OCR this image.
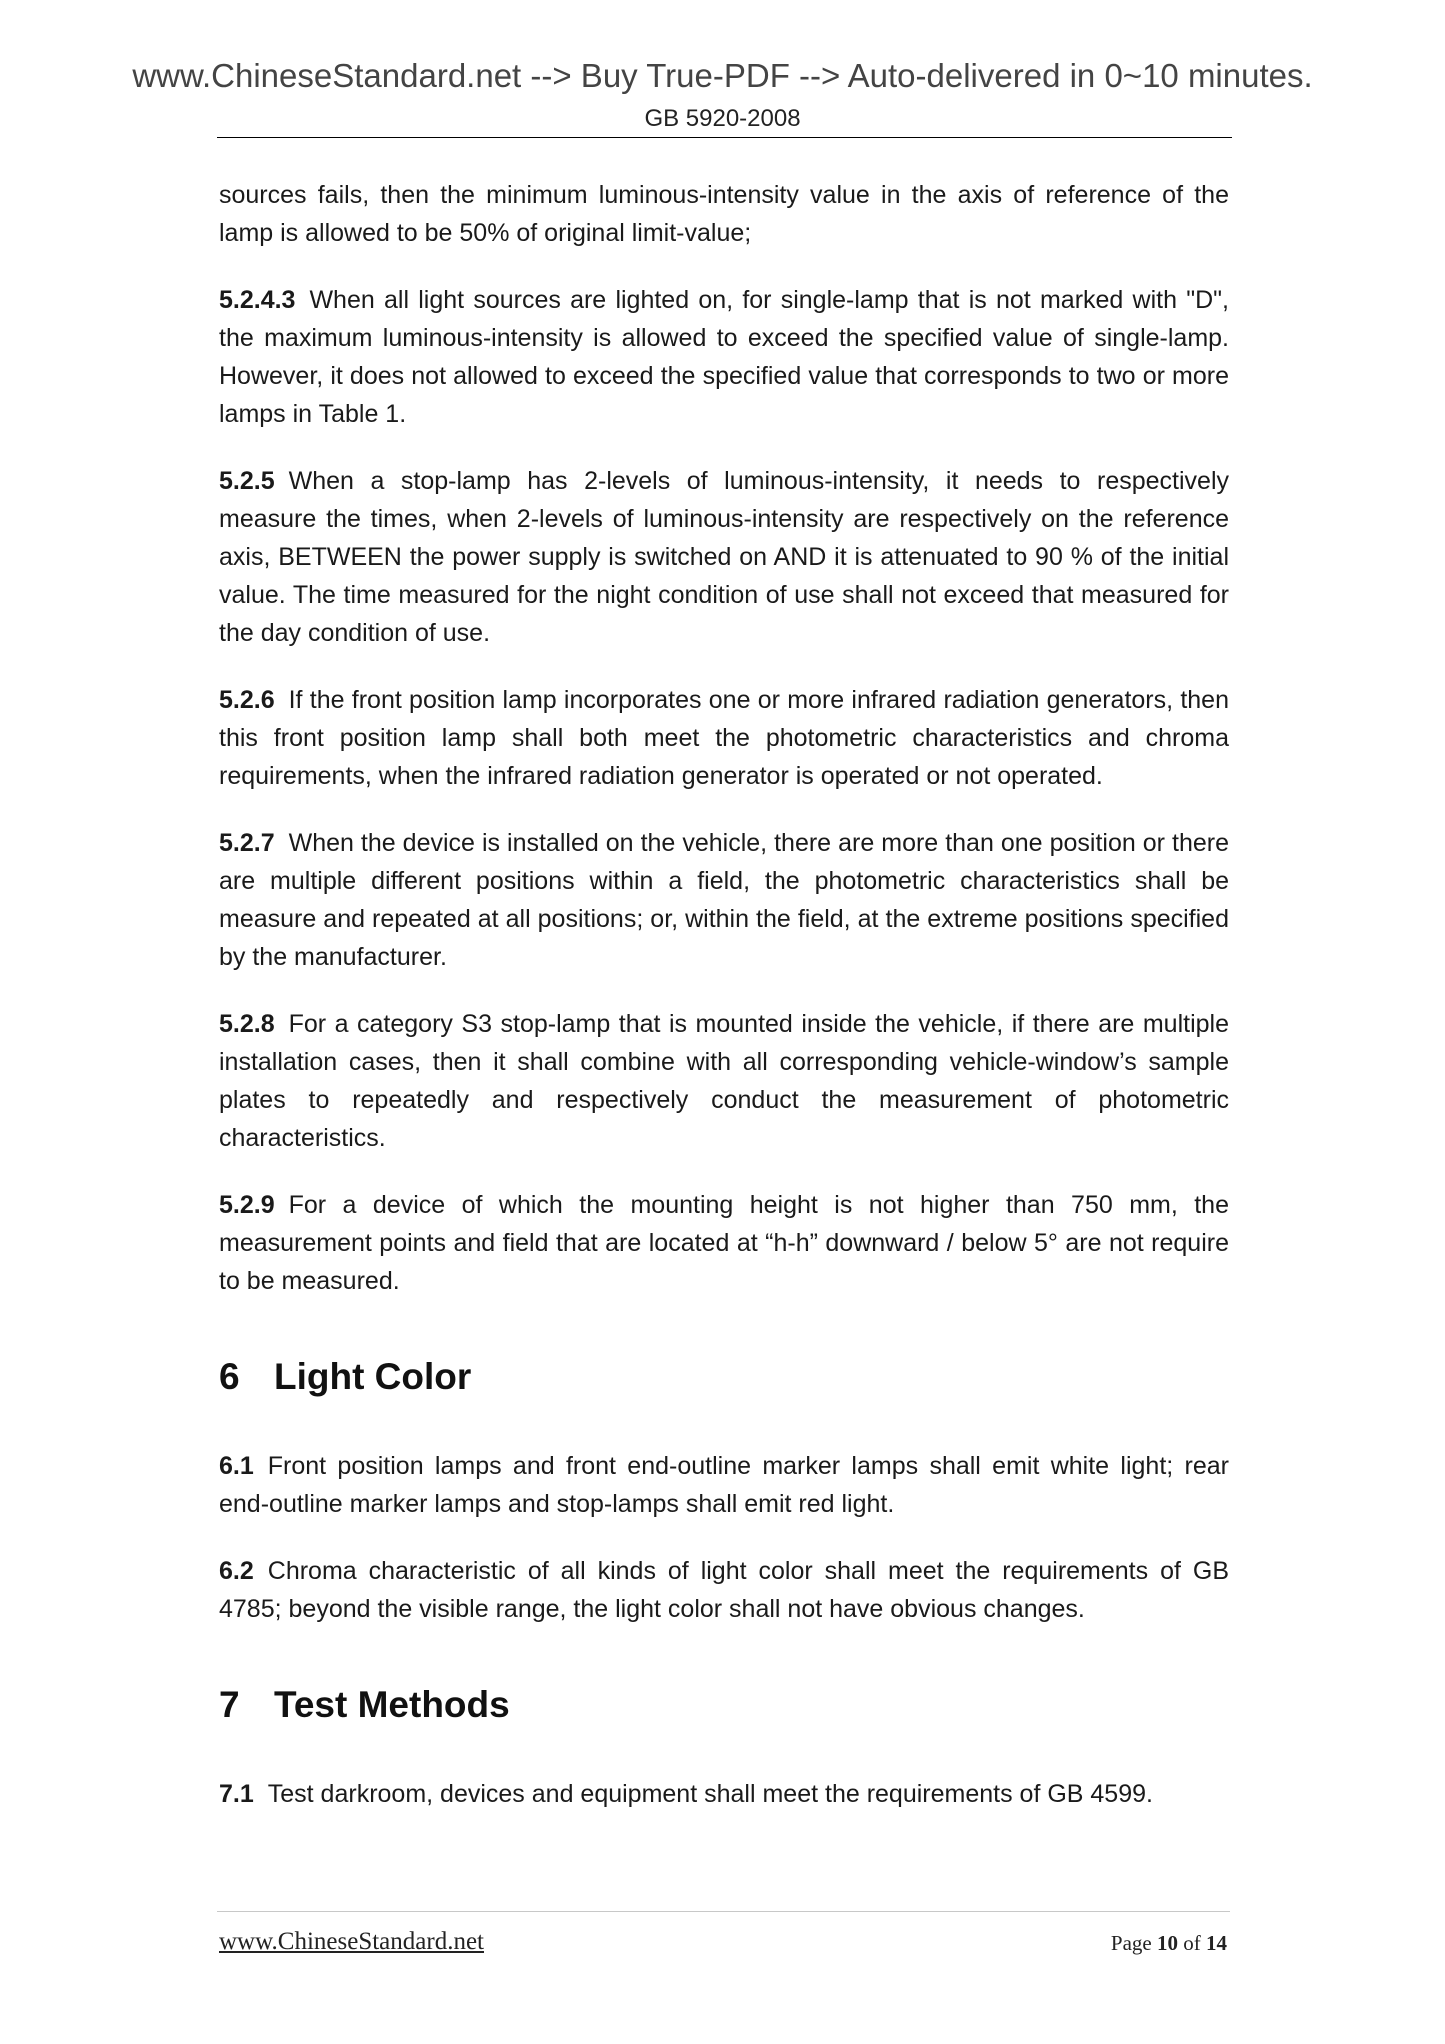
www.ChineseStandard.net --> Buy True-PDF --> Auto-delivered in 0~10 minutes.
GB 5920-2008

sources fails, then the minimum luminous-intensity value in the axis of reference of the lamp is allowed to be 50% of original limit-value;

5.2.4.3 When all light sources are lighted on, for single-lamp that is not marked with "D", the maximum luminous-intensity is allowed to exceed the specified value of single-lamp. However, it does not allowed to exceed the specified value that corresponds to two or more lamps in Table 1.

5.2.5 When a stop-lamp has 2-levels of luminous-intensity, it needs to respectively measure the times, when 2-levels of luminous-intensity are respectively on the reference axis, BETWEEN the power supply is switched on AND it is attenuated to 90 % of the initial value. The time measured for the night condition of use shall not exceed that measured for the day condition of use.

5.2.6 If the front position lamp incorporates one or more infrared radiation generators, then this front position lamp shall both meet the photometric characteristics and chroma requirements, when the infrared radiation generator is operated or not operated.

5.2.7 When the device is installed on the vehicle, there are more than one position or there are multiple different positions within a field, the photometric characteristics shall be measure and repeated at all positions; or, within the field, at the extreme positions specified by the manufacturer.

5.2.8 For a category S3 stop-lamp that is mounted inside the vehicle, if there are multiple installation cases, then it shall combine with all corresponding vehicle-window’s sample plates to repeatedly and respectively conduct the measurement of photometric characteristics.

5.2.9 For a device of which the mounting height is not higher than 750 mm, the measurement points and field that are located at “h-h” downward / below 5° are not require to be measured.

6 Light Color

6.1 Front position lamps and front end-outline marker lamps shall emit white light; rear end-outline marker lamps and stop-lamps shall emit red light.

6.2 Chroma characteristic of all kinds of light color shall meet the requirements of GB 4785; beyond the visible range, the light color shall not have obvious changes.

7 Test Methods

7.1 Test darkroom, devices and equipment shall meet the requirements of GB 4599.

www.ChineseStandard.net	Page 10 of 14
